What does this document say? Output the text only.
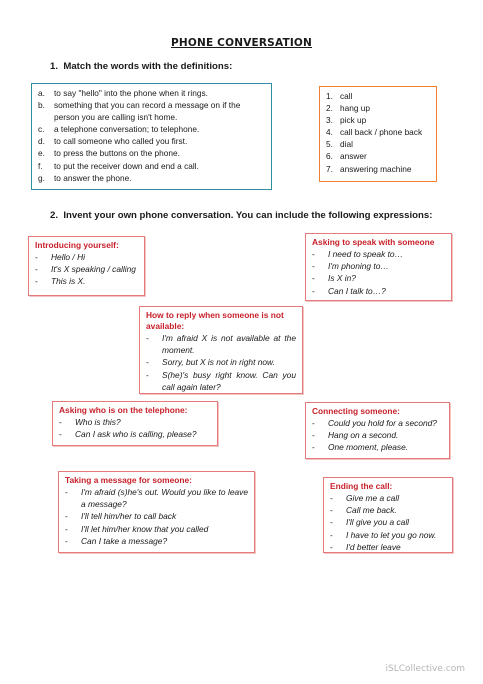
PHONE CONVERSATION
1.  Match the words with the definitions:
a.	to say "hello" into the phone when it rings.
b.	something that you can record a message on if the person you are calling isn't home.
c.	a telephone conversation; to telephone.
d.	to call someone who called you first.
e.	to press the buttons on the phone.
f.	to put the receiver down and end a call.
g.	to answer the phone.
1. call
2. hang up
3. pick up
4. call back / phone back
5. dial
6. answer
7. answering machine
2.  Invent your own phone conversation. You can include the following expressions:
Introducing yourself:
-	Hello / Hi
-	It's X speaking / calling
-	This is X.
Asking to speak with someone
-	I need to speak to…
-	I'm phoning to…
-	Is X in?
-	Can I talk to…?
How to reply when someone is not available:
-	I'm afraid X is not available at the moment.
-	Sorry, but X is not in right now.
-	S(he)'s busy right know. Can you call again later?
Asking who is on the telephone:
-	Who is this?
-	Can I ask who is calling, please?
Connecting someone:
-	Could you hold for a second?
-	Hang on a second.
-	One moment, please.
Taking a message for someone:
-	I'm afraid (s)he's out. Would you like to leave a message?
-	I'll tell him/her to call back
-	I'll let him/her know that you called
-	Can I take a message?
Ending the call:
-	Give me a call
-	Call me back.
-	I'll give you a call
-	I have to let you go now.
-	I'd better leave
iSLCollective.com
